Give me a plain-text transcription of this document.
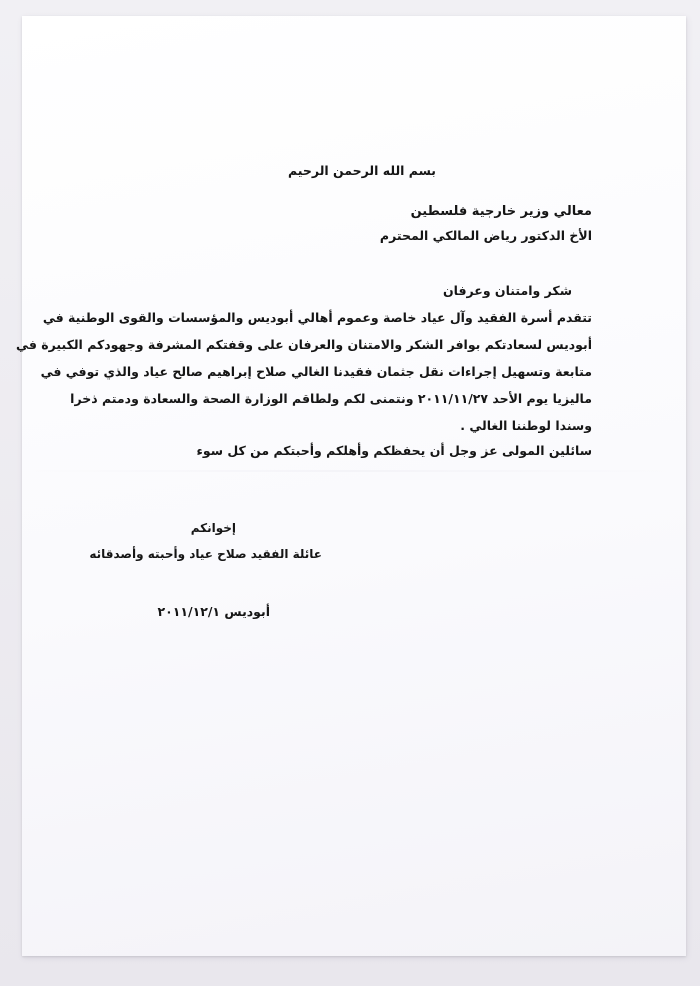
بسم الله الرحمن الرحيم
معالي وزير خارجية فلسطين
الأخ الدكتور رياض المالكي المحترم
شكر وامتنان وعرفان
تتقدم أسرة الفقيد وآل عياد خاصة وعموم أهالي أبوديس والمؤسسات والقوى الوطنية في
أبوديس لسعادتكم بوافر الشكر والامتنان والعرفان على وقفتكم المشرفة وجهودكم الكبيرة في
متابعة وتسهيل إجراءات نقل جثمان فقيدنا الغالي صلاح إبراهيم صالح عياد والذي توفي في
ماليزيا يوم الأحد ٢٠١١/١١/٢٧ ونتمنى لكم ولطاقم الوزارة الصحة والسعادة ودمتم ذخرا
وسندا لوطننا الغالي .
سائلين المولى عز وجل أن يحفظكم وأهلكم وأحبتكم من كل سوء
إخوانكم
عائلة الفقيد صلاح عياد وأحبته وأصدقائه
أبوديس ٢٠١١/١٢/١
